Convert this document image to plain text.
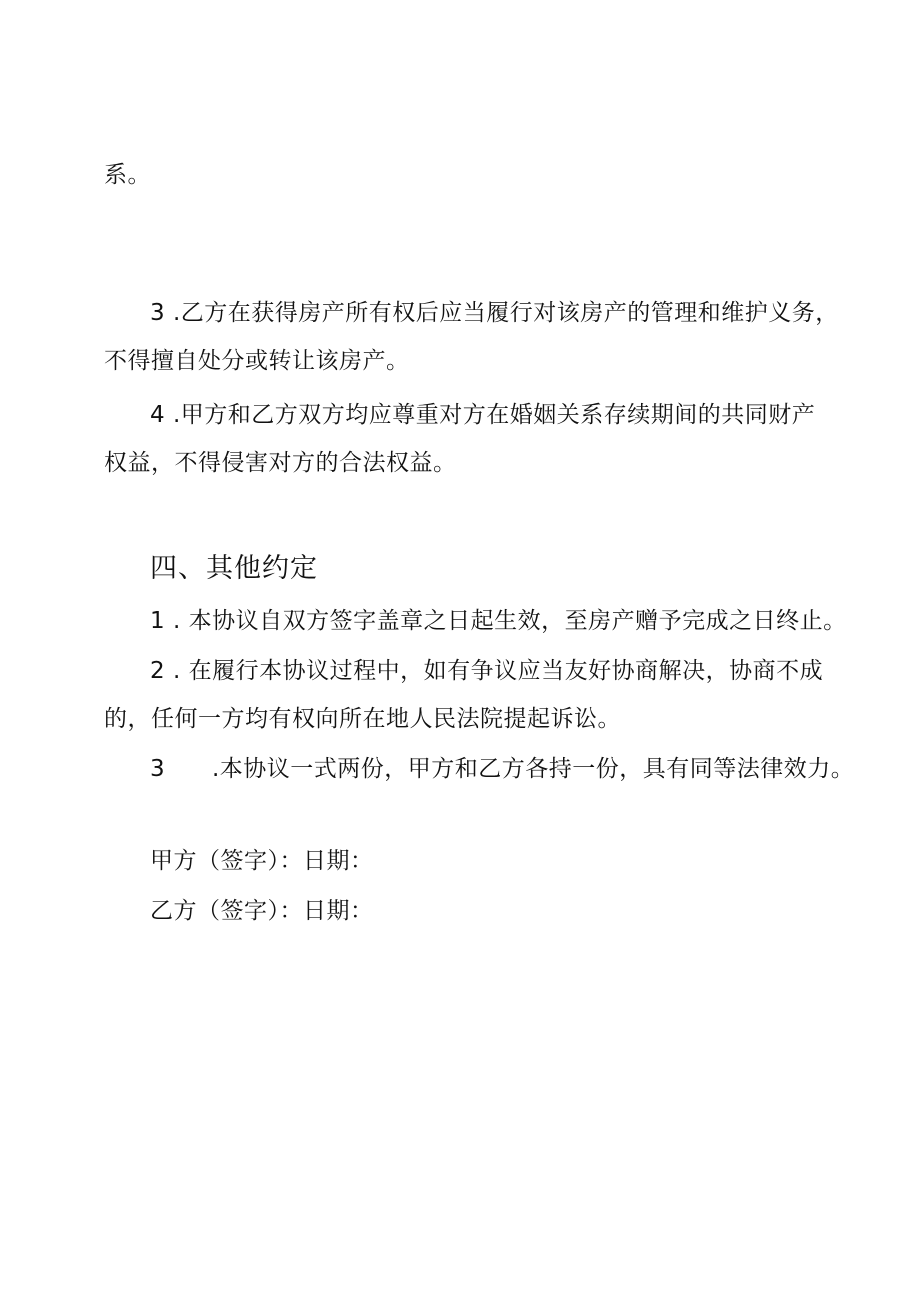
系。
3 .乙方在获得房产所有权后应当履行对该房产的管理和维护义务，
不得擅自处分或转让该房产。
4 .甲方和乙方双方均应尊重对方在婚姻关系存续期间的共同财产
权益，不得侵害对方的合法权益。
四、其他约定
1 . 本协议自双方签字盖章之日起生效，至房产赠予完成之日终止。
2 . 在履行本协议过程中，如有争议应当友好协商解决，协商不成
的，任何一方均有权向所在地人民法院提起诉讼。
3      .本协议一式两份，甲方和乙方各持一份，具有同等法律效力。
甲方（签字）：日期：
乙方（签字）：日期：
